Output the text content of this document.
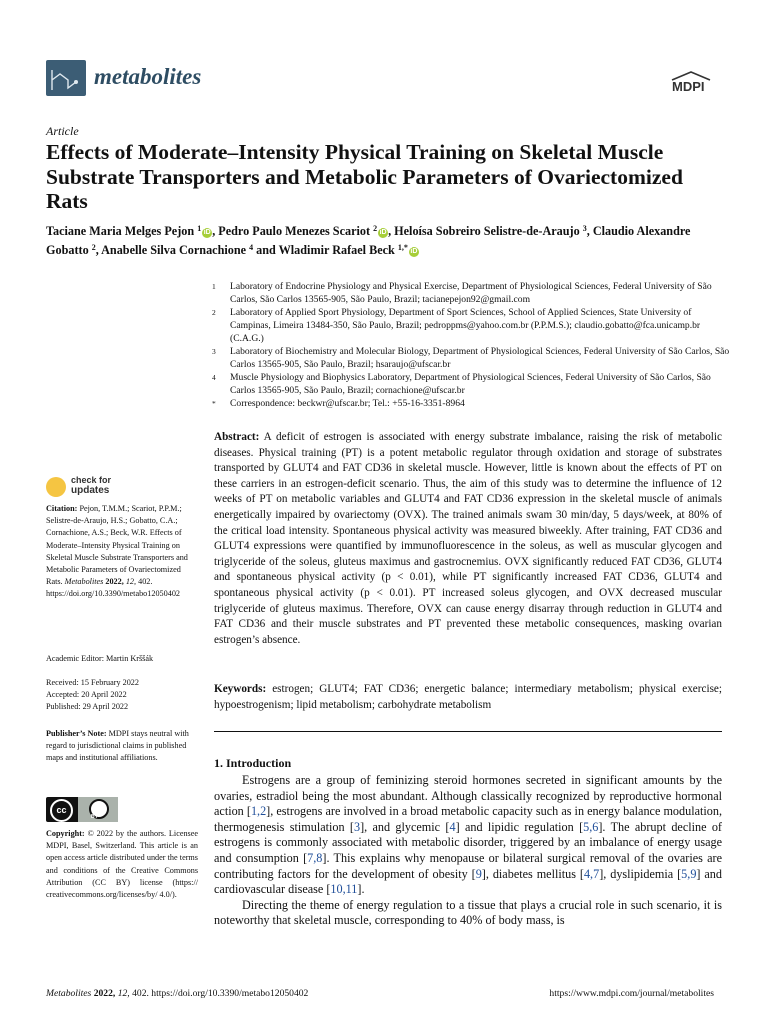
metabolites	MDPI
Article
Effects of Moderate–Intensity Physical Training on Skeletal Muscle Substrate Transporters and Metabolic Parameters of Ovariectomized Rats
Taciane Maria Melges Pejon $^1$ iD , Pedro Paulo Menezes Scariot $^2$ iD , Heloísa Sobreiro Selistre-de-Araujo $^3$, Claudio Alexandre Gobatto $^2$, Anabelle Silva Cornachione $^4$ and Wladimir Rafael Beck $^{1,*}$ iD
1 Laboratory of Endocrine Physiology and Physical Exercise, Department of Physiological Sciences, Federal University of São Carlos, São Carlos 13565-905, São Paulo, Brazil; tacianepejon92@gmail.com
2 Laboratory of Applied Sport Physiology, Department of Sport Sciences, School of Applied Sciences, State University of Campinas, Limeira 13484-350, São Paulo, Brazil; pedroppms@yahoo.com.br (P.P.M.S.); claudio.gobatto@fca.unicamp.br (C.A.G.)
3 Laboratory of Biochemistry and Molecular Biology, Department of Physiological Sciences, Federal University of São Carlos, São Carlos 13565-905, São Paulo, Brazil; hsaraujo@ufscar.br
4 Muscle Physiology and Biophysics Laboratory, Department of Physiological Sciences, Federal University of São Carlos, São Carlos 13565-905, São Paulo, Brazil; cornachione@ufscar.br
* Correspondence: beckwr@ufscar.br; Tel.: +55-16-3351-8964
Abstract: A deficit of estrogen is associated with energy substrate imbalance, raising the risk of metabolic diseases. Physical training (PT) is a potent metabolic regulator through oxidation and storage of substrates transported by GLUT4 and FAT CD36 in skeletal muscle. However, little is known about the effects of PT on these carriers in an estrogen-deficit scenario. Thus, the aim of this study was to determine the influence of 12 weeks of PT on metabolic variables and GLUT4 and FAT CD36 expression in the skeletal muscle of animals energetically impaired by ovariectomy (OVX). The trained animals swam 30 min/day, 5 days/week, at 80% of the critical load intensity. Spontaneous physical activity was measured biweekly. After training, FAT CD36 and GLUT4 expressions were quantified by immunofluorescence in the soleus, as well as muscular glycogen and triglyceride of the soleus, gluteus maximus and gastrocnemius. OVX significantly reduced FAT CD36, GLUT4 and spontaneous physical activity (p < 0.01), while PT significantly increased FAT CD36, GLUT4 and spontaneous physical activity (p < 0.01). PT increased soleus glycogen, and OVX decreased muscular triglyceride of gluteus maximus. Therefore, OVX can cause energy disarray through reduction in GLUT4 and FAT CD36 and their muscle substrates and PT prevented these metabolic consequences, masking ovarian estrogen’s absence.
Keywords: estrogen; GLUT4; FAT CD36; energetic balance; intermediary metabolism; physical exercise; hypoestrogenism; lipid metabolism; carbohydrate metabolism
1. Introduction

Estrogens are a group of feminizing steroid hormones secreted in significant amounts by the ovaries, estradiol being the most abundant. Although classically recognized by reproductive hormonal action [1,2], estrogens are involved in a broad metabolic capacity such as in energy balance modulation, thermogenesis stimulation [3], and glycemic [4] and lipidic regulation [5,6]. The abrupt decline of estrogens is commonly associated with metabolic disorder, triggered by an imbalance of energy usage and consumption [7,8]. This explains why menopause or bilateral surgical removal of the ovaries are contributing factors for the development of obesity [9], diabetes mellitus [4,7], dyslipidemia [5,9] and cardiovascular disease [10,11].

Directing the theme of energy regulation to a tissue that plays a crucial role in such scenario, it is noteworthy that skeletal muscle, corresponding to 40% of body mass, is

check for
updates

Citation: Pejon, T.M.M.; Scariot, P.P.M.; Selistre-de-Araujo, H.S.; Gobatto, C.A.; Cornachione, A.S.; Beck, W.R. Effects of Moderate–Intensity Physical Training on Skeletal Muscle Substrate Transporters and Metabolic Parameters of Ovariectomized Rats. Metabolites 2022, 12, 402. https://doi.org/10.3390/metabo12050402

Academic Editor: Martin Krššák

Received: 15 February 2022

Accepted: 20 April 2022

Published: 29 April 2022

Publisher’s Note: MDPI stays neutral with regard to jurisdictional claims in published maps and institutional affiliations.

cc
BY

Copyright: © 2022 by the authors. Licensee MDPI, Basel, Switzerland. This article is an open access article distributed under the terms and conditions of the Creative Commons Attribution (CC BY) license (https:// creativecommons.org/licenses/by/ 4.0/).

Metabolites 2022, 12, 402. https://doi.org/10.3390/metabo12050402	https://www.mdpi.com/journal/metabolites
